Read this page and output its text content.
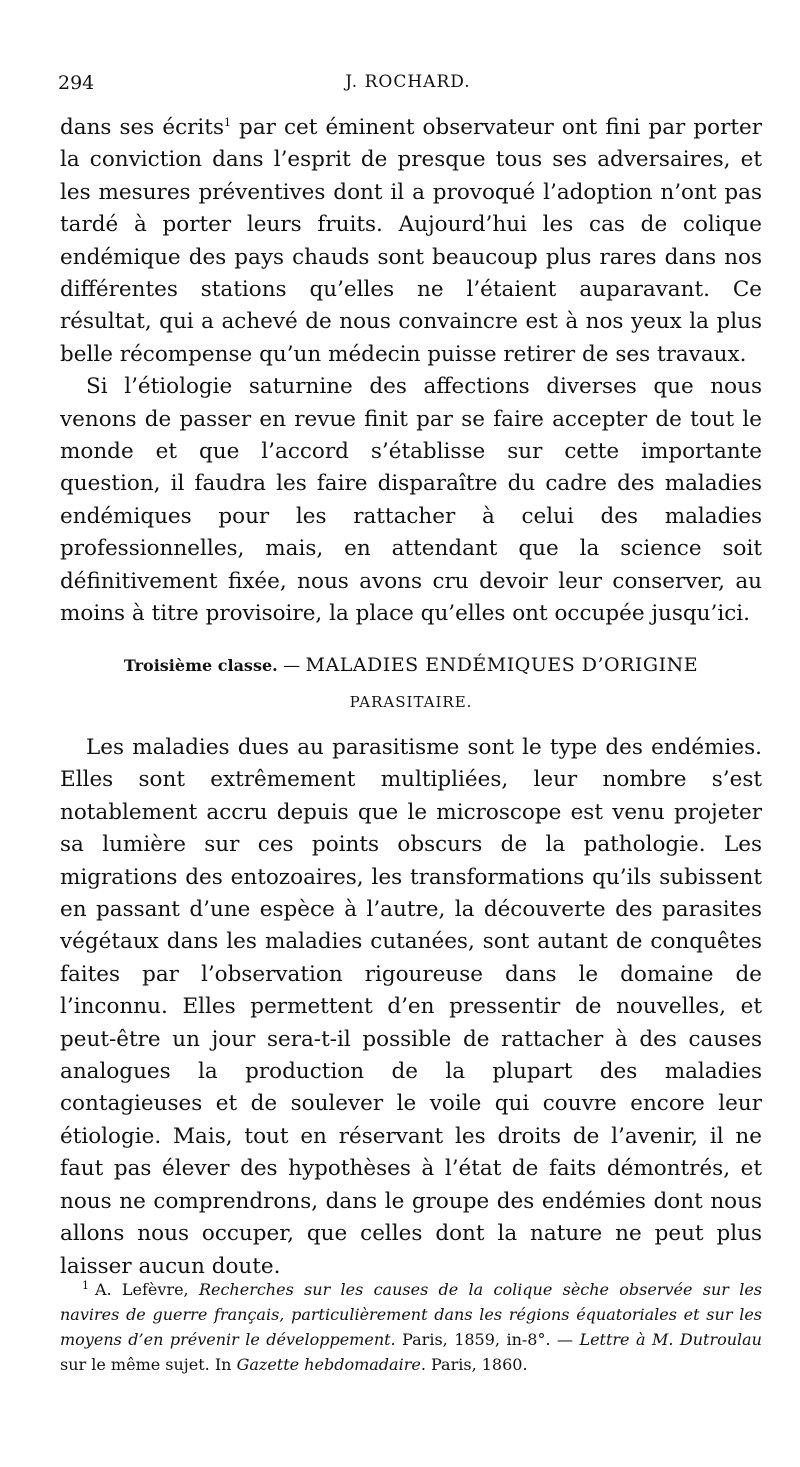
294	J. ROCHARD.

dans ses écrits$^1$ par cet éminent observateur ont fini par porter la conviction dans l’esprit de presque tous ses adversaires, et les mesures préventives dont il a provoqué l’adoption n’ont pas tardé à porter leurs fruits. Aujourd’hui les cas de colique endémique des pays chauds sont beaucoup plus rares dans nos différentes stations qu’elles ne l’étaient auparavant. Ce résultat, qui a achevé de nous convaincre est à nos yeux la plus belle récompense qu’un médecin puisse retirer de ses travaux.

Si l’étiologie saturnine des affections diverses que nous venons de passer en revue finit par se faire accepter de tout le monde et que l’accord s’établisse sur cette importante question, il faudra les faire disparaître du cadre des maladies endémiques pour les rattacher à celui des maladies professionnelles, mais, en attendant que la science soit définitivement fixée, nous avons cru devoir leur conserver, au moins à titre provisoire, la place qu’elles ont occupée jusqu’ici.

Troisième classe. — MALADIES ENDÉMIQUES D’ORIGINE
PARASITAIRE.

Les maladies dues au parasitisme sont le type des endémies. Elles sont extrêmement multipliées, leur nombre s’est notablement accru depuis que le microscope est venu projeter sa lumière sur ces points obscurs de la pathologie. Les migrations des entozoaires, les transformations qu’ils subissent en passant d’une espèce à l’autre, la découverte des parasites végétaux dans les maladies cutanées, sont autant de conquêtes faites par l’observation rigoureuse dans le domaine de l’inconnu. Elles permettent d’en pressentir de nouvelles, et peut-être un jour sera-t-il possible de rattacher à des causes analogues la production de la plupart des maladies contagieuses et de soulever le voile qui couvre encore leur étiologie. Mais, tout en réservant les droits de l’avenir, il ne faut pas élever des hypothèses à l’état de faits démontrés, et nous ne comprendrons, dans le groupe des endémies dont nous allons nous occuper, que celles dont la nature ne peut plus laisser aucun doute.

$^1$ A. Lefèvre, Recherches sur les causes de la colique sèche observée sur les navires de guerre français, particulièrement dans les régions équatoriales et sur les moyens d’en prévenir le développement. Paris, 1859, in-8°. — Lettre à M. Dutroulau sur le même sujet. In Gazette hebdomadaire. Paris, 1860.
